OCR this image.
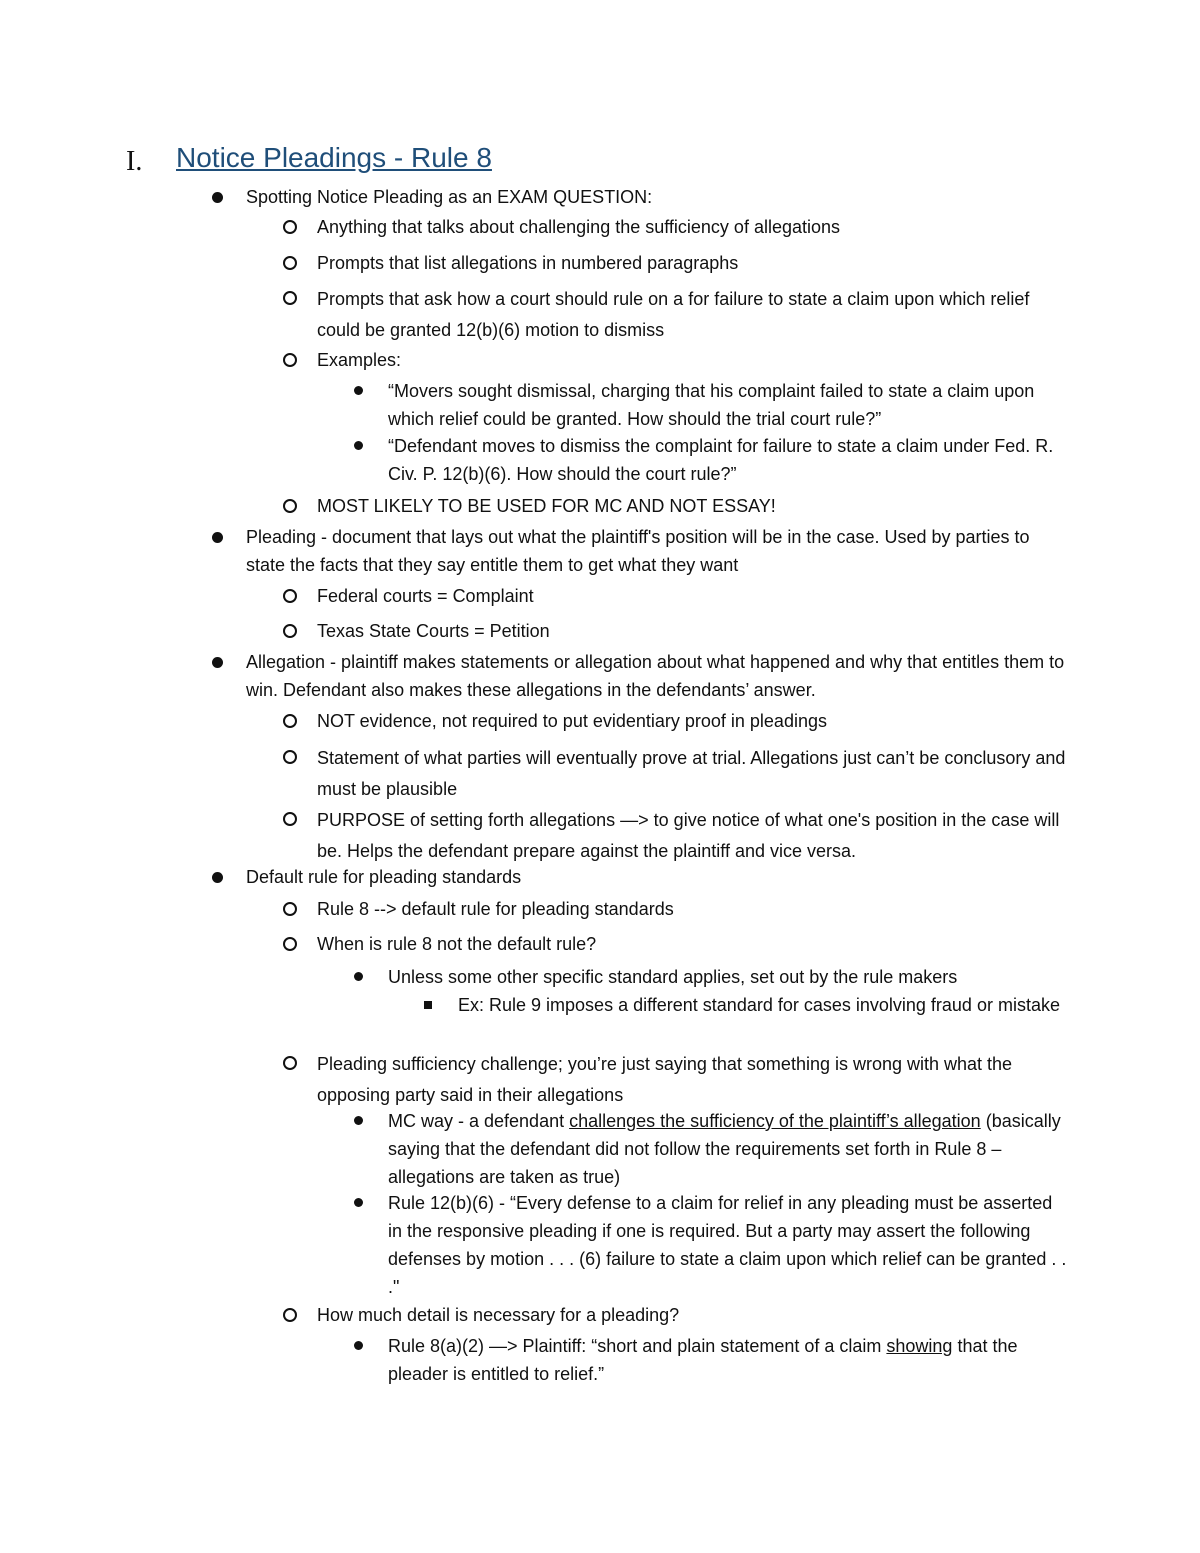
I. Notice Pleadings - Rule 8
Spotting Notice Pleading as an EXAM QUESTION:
Anything that talks about challenging the sufficiency of allegations
Prompts that list allegations in numbered paragraphs
Prompts that ask how a court should rule on a for failure to state a claim upon which relief could be granted 12(b)(6) motion to dismiss
Examples:
“Movers sought dismissal, charging that his complaint failed to state a claim upon which relief could be granted. How should the trial court rule?”
“Defendant moves to dismiss the complaint for failure to state a claim under Fed. R. Civ. P. 12(b)(6). How should the court rule?”
MOST LIKELY TO BE USED FOR MC AND NOT ESSAY!
Pleading - document that lays out what the plaintiff's position will be in the case. Used by parties to state the facts that they say entitle them to get what they want
Federal courts = Complaint
Texas State Courts = Petition
Allegation - plaintiff makes statements or allegation about what happened and why that entitles them to win. Defendant also makes these allegations in the defendants’ answer.
NOT evidence, not required to put evidentiary proof in pleadings
Statement of what parties will eventually prove at trial. Allegations just can’t be conclusory and must be plausible
PURPOSE of setting forth allegations —> to give notice of what one's position in the case will be. Helps the defendant prepare against the plaintiff and vice versa.
Default rule for pleading standards
Rule 8 --> default rule for pleading standards
When is rule 8 not the default rule?
Unless some other specific standard applies, set out by the rule makers
Ex: Rule 9 imposes a different standard for cases involving fraud or mistake
Pleading sufficiency challenge; you’re just saying that something is wrong with what the opposing party said in their allegations
MC way - a defendant challenges the sufficiency of the plaintiff’s allegation (basically saying that the defendant did not follow the requirements set forth in Rule 8 – allegations are taken as true)
Rule 12(b)(6) - “Every defense to a claim for relief in any pleading must be asserted in the responsive pleading if one is required. But a party may assert the following defenses by motion . . . (6) failure to state a claim upon which relief can be granted . . ."
How much detail is necessary for a pleading?
Rule 8(a)(2) —> Plaintiff: “short and plain statement of a claim showing that the pleader is entitled to relief.”
